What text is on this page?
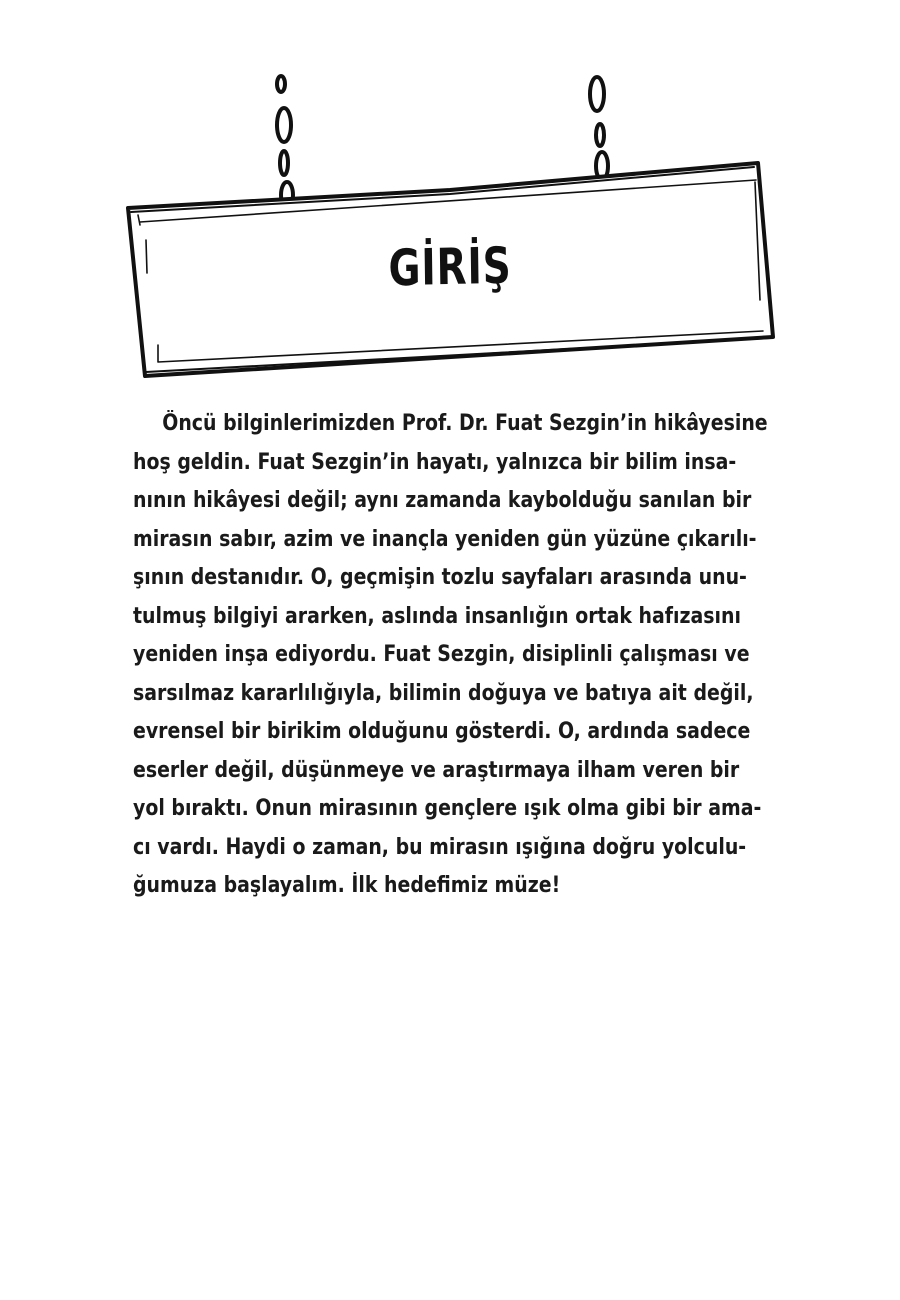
GİRİŞ
Öncü bilginlerimizden Prof. Dr. Fuat Sezgin’in hikâyesine
hoş geldin. Fuat Sezgin’in hayatı, yalnızca bir bilim insa-
nının hikâyesi değil; aynı zamanda kaybolduğu sanılan bir
mirasın sabır, azim ve inançla yeniden gün yüzüne çıkarılı-
şının destanıdır. O, geçmişin tozlu sayfaları arasında unu-
tulmuş bilgiyi ararken, aslında insanlığın ortak hafızasını
yeniden inşa ediyordu. Fuat Sezgin, disiplinli çalışması ve
sarsılmaz kararlılığıyla, bilimin doğuya ve batıya ait değil,
evrensel bir birikim olduğunu gösterdi. O, ardında sadece
eserler değil, düşünmeye ve araştırmaya ilham veren bir
yol bıraktı. Onun mirasının gençlere ışık olma gibi bir ama-
cı vardı. Haydi o zaman, bu mirasın ışığına doğru yolculu-
ğumuza başlayalım. İlk hedefimiz müze!
